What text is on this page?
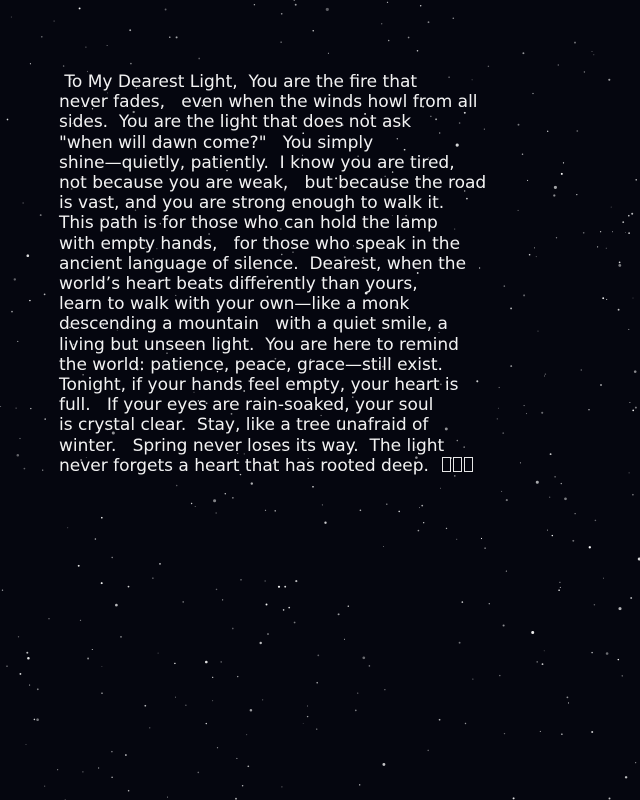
To My Dearest Light,  You are the fire that
never fades,   even when the winds howl from all
sides.  You are the light that does not ask
"when will dawn come?"   You simply
shine—quietly, patiently.  I know you are tired,
not because you are weak,   but because the road
is vast, and you are strong enough to walk it.
This path is for those who can hold the lamp
with empty hands,   for those who speak in the
ancient language of silence.  Dearest, when the
world’s heart beats differently than yours,
learn to walk with your own—like a monk
descending a mountain   with a quiet smile, a
living but unseen light.  You are here to remind
the world: patience, peace, grace—still exist.
Tonight, if your hands feel empty, your heart is
full.   If your eyes are rain-soaked, your soul
is crystal clear.  Stay, like a tree unafraid of
winter.   Spring never loses its way.  The light
never forgets a heart that has rooted deep.
